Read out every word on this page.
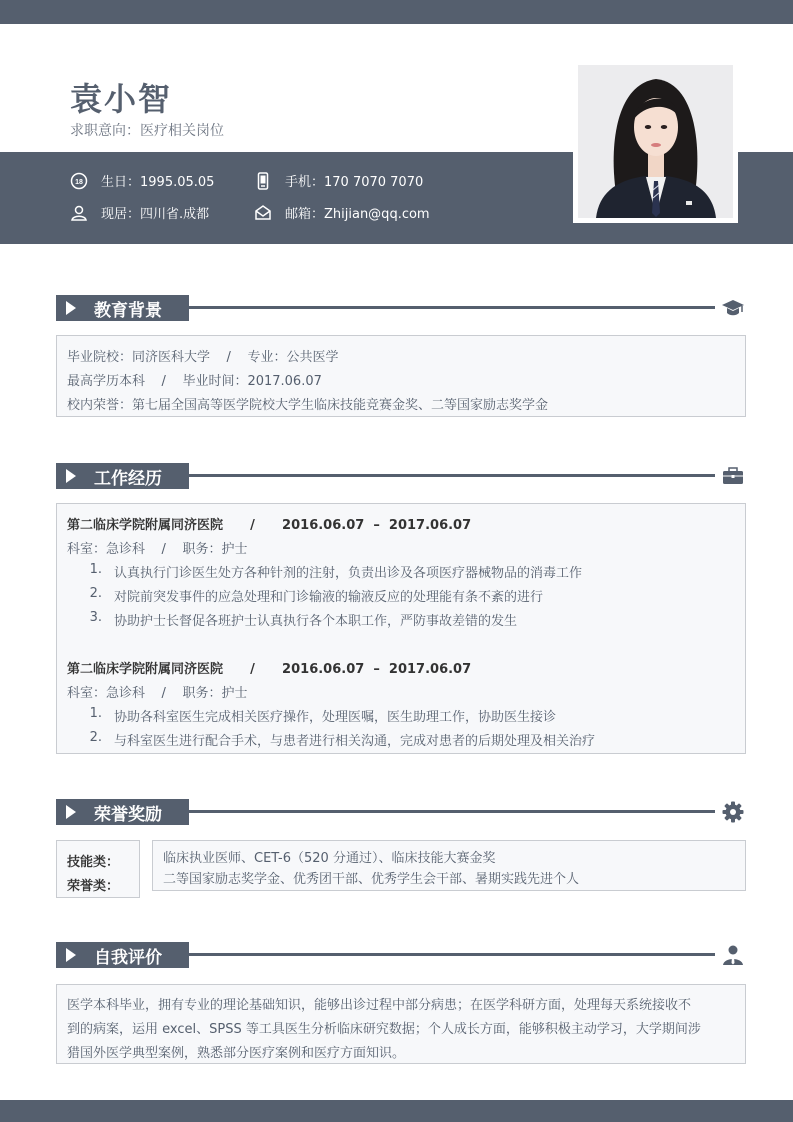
袁小智
求职意向：医疗相关岗位
18 生日：1995.05.05	手机：170 7070 7070
现居：四川省.成都	邮箱：Zhijian@qq.com
教育背景
毕业院校：同济医科大学    /    专业：公共医学
最高学历本科    /    毕业时间：2017.06.07
校内荣誉：第七届全国高等医学院校大学生临床技能竞赛金奖、二等国家励志奖学金
工作经历
第二临床学院附属同济医院      /      2016.06.07  –  2017.06.07
科室：急诊科    /    职务：护士
1. 认真执行门诊医生处方各种针剂的注射，负责出诊及各项医疗器械物品的消毒工作
2. 对院前突发事件的应急处理和门诊输液的输液反应的处理能有条不紊的进行
3. 协助护士长督促各班护士认真执行各个本职工作，严防事故差错的发生
第二临床学院附属同济医院      /      2016.06.07  –  2017.06.07
科室：急诊科    /    职务：护士
1. 协助各科室医生完成相关医疗操作，处理医嘱，医生助理工作，协助医生接诊
2. 与科室医生进行配合手术，与患者进行相关沟通，完成对患者的后期处理及相关治疗
荣誉奖励
技能类：
荣誉类：
临床执业医师、CET-6（520 分通过）、临床技能大赛金奖
二等国家励志奖学金、优秀团干部、优秀学生会干部、暑期实践先进个人
自我评价
医学本科毕业，拥有专业的理论基础知识，能够出诊过程中部分病患；在医学科研方面，处理每天系统接收不
到的病案，运用 excel、SPSS 等工具医生分析临床研究数据；个人成长方面，能够积极主动学习，大学期间涉
猎国外医学典型案例，熟悉部分医疗案例和医疗方面知识。
